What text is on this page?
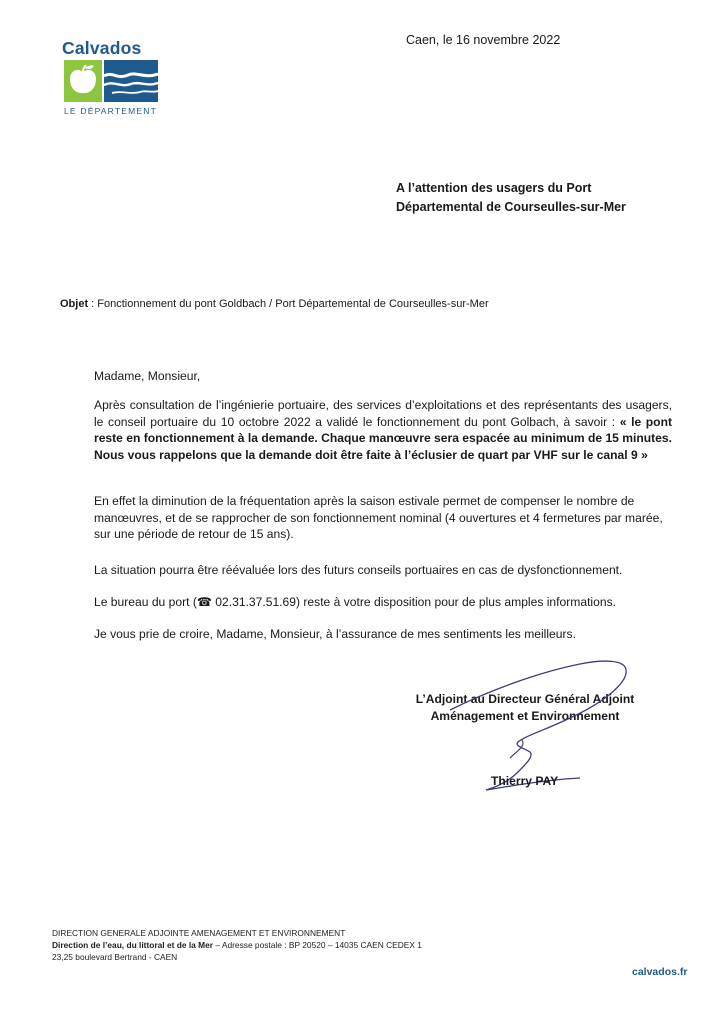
Calvados
LE DÉPARTEMENT
Caen, le 16 novembre 2022
A l’attention des usagers du Port
Départemental de Courseulles-sur-Mer
Objet : Fonctionnement du pont Goldbach / Port Départemental de Courseulles-sur-Mer
Madame, Monsieur,
Après consultation de l’ingénierie portuaire, des services d’exploitations et des représentants des usagers, le conseil portuaire du 10 octobre 2022 a validé le fonctionnement du pont Golbach, à savoir : « le pont reste en fonctionnement à la demande. Chaque manœuvre sera espacée au minimum de 15 minutes. Nous vous rappelons que la demande doit être faite à l’éclusier de quart par VHF sur le canal 9 »
En effet la diminution de la fréquentation après la saison estivale permet de compenser le nombre de manœuvres, et de se rapprocher de son fonctionnement nominal (4 ouvertures et 4 fermetures par marée, sur une période de retour de 15 ans).
La situation pourra être réévaluée lors des futurs conseils portuaires en cas de dysfonctionnement.
Le bureau du port (☎ 02.31.37.51.69) reste à votre disposition pour de plus amples informations.
Je vous prie de croire, Madame, Monsieur, à l’assurance de mes sentiments les meilleurs.
L’Adjoint au Directeur Général Adjoint
Aménagement et Environnement
Thierry PAY
DIRECTION GENERALE ADJOINTE AMENAGEMENT ET ENVIRONNEMENT
Direction de l’eau, du littoral et de la Mer – Adresse postale : BP 20520 – 14035 CAEN CEDEX 1
23,25 boulevard Bertrand - CAEN
calvados.fr
